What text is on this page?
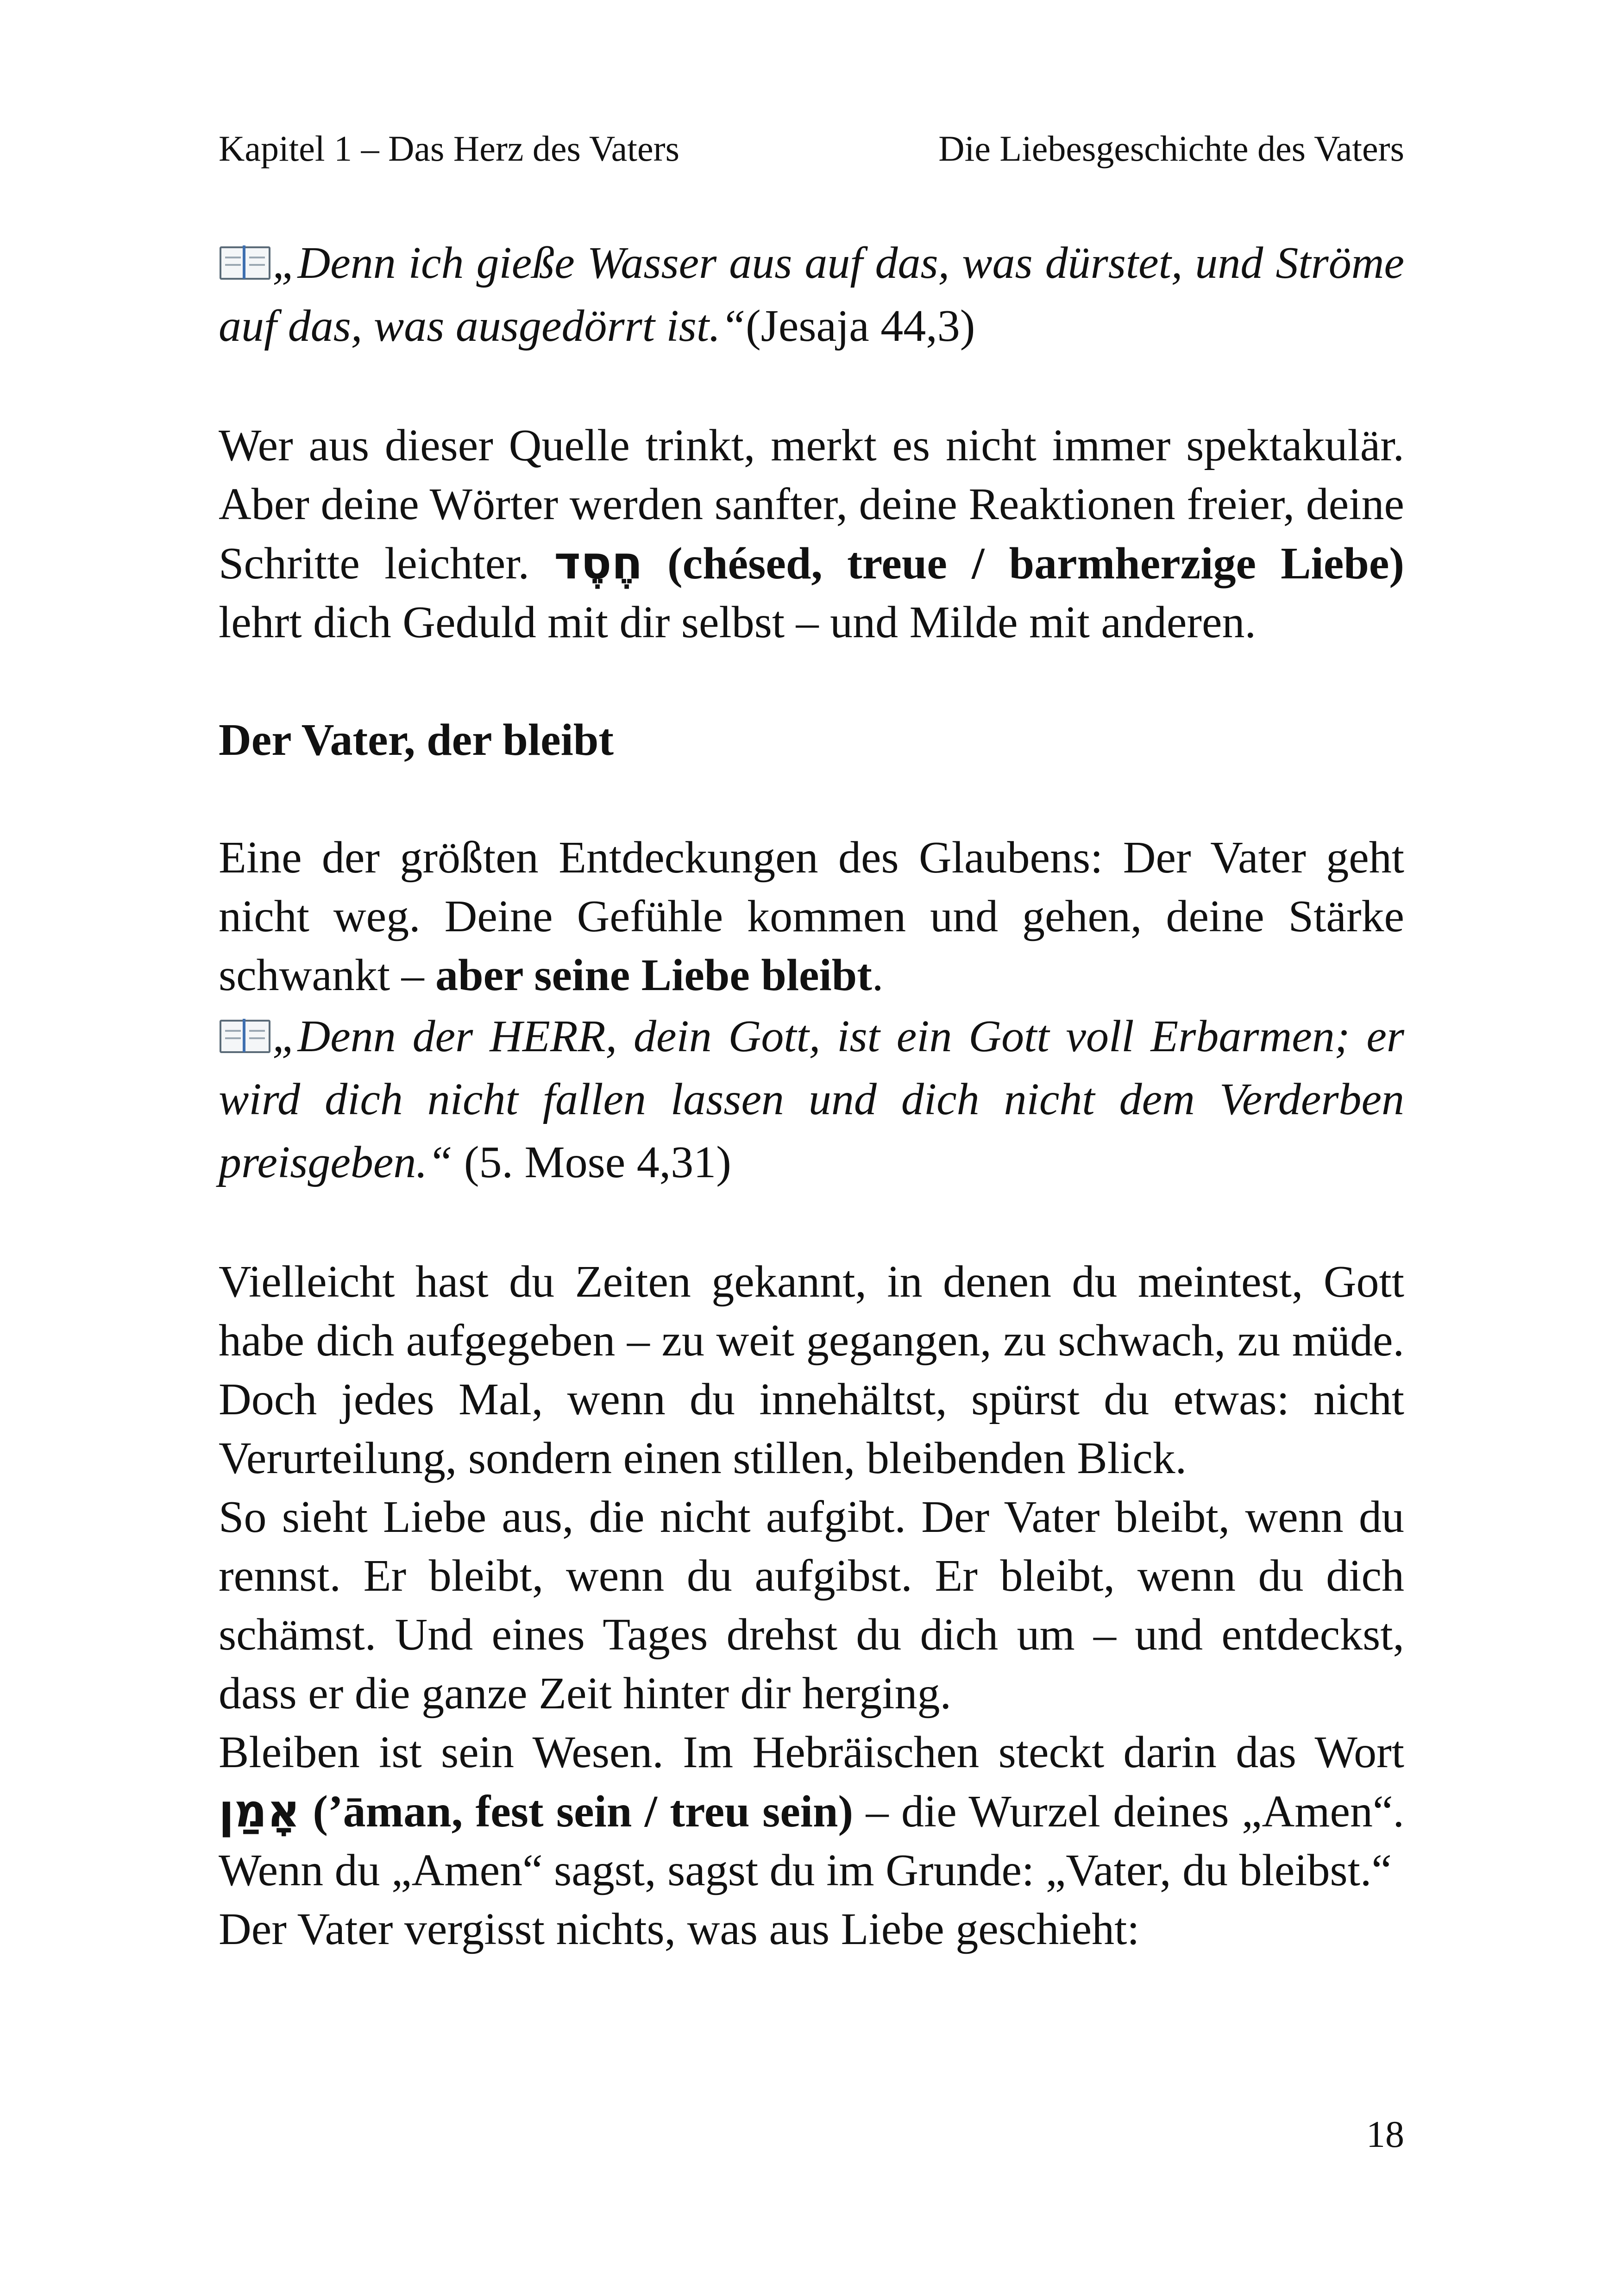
Kapitel 1 – Das Herz des Vaters	Die Liebesgeschichte des Vaters

„Denn ich gieße Wasser aus auf das, was dürstet, und Ströme auf das, was ausgedörrt ist.“(Jesaja 44,3)

Wer aus dieser Quelle trinkt, merkt es nicht immer spektakulär. Aber deine Wörter werden sanfter, deine Reaktionen freier, deine Schritte leichter. חֶסֶד (chésed, treue / barmherzige Liebe) lehrt dich Geduld mit dir selbst – und Milde mit anderen.

Der Vater, der bleibt

Eine der größten Entdeckungen des Glaubens: Der Vater geht nicht weg. Deine Gefühle kommen und gehen, deine Stärke schwankt – aber seine Liebe bleibt.

„Denn der HERR, dein Gott, ist ein Gott voll Erbarmen; er wird dich nicht fallen lassen und dich nicht dem Verderben preisgeben.“ (5. Mose 4,31)

Vielleicht hast du Zeiten gekannt, in denen du meintest, Gott habe dich aufgegeben – zu weit gegangen, zu schwach, zu müde. Doch jedes Mal, wenn du innehältst, spürst du etwas: nicht Verurteilung, sondern einen stillen, bleibenden Blick.

So sieht Liebe aus, die nicht aufgibt. Der Vater bleibt, wenn du rennst. Er bleibt, wenn du aufgibst. Er bleibt, wenn du dich schämst. Und eines Tages drehst du dich um – und entdeckst, dass er die ganze Zeit hinter dir herging.

Bleiben ist sein Wesen. Im Hebräischen steckt darin das Wort אָמַן (’āman, fest sein / treu sein) – die Wurzel deines „Amen“. Wenn du „Amen“ sagst, sagst du im Grunde: „Vater, du bleibst.“

Der Vater vergisst nichts, was aus Liebe geschieht:

18
